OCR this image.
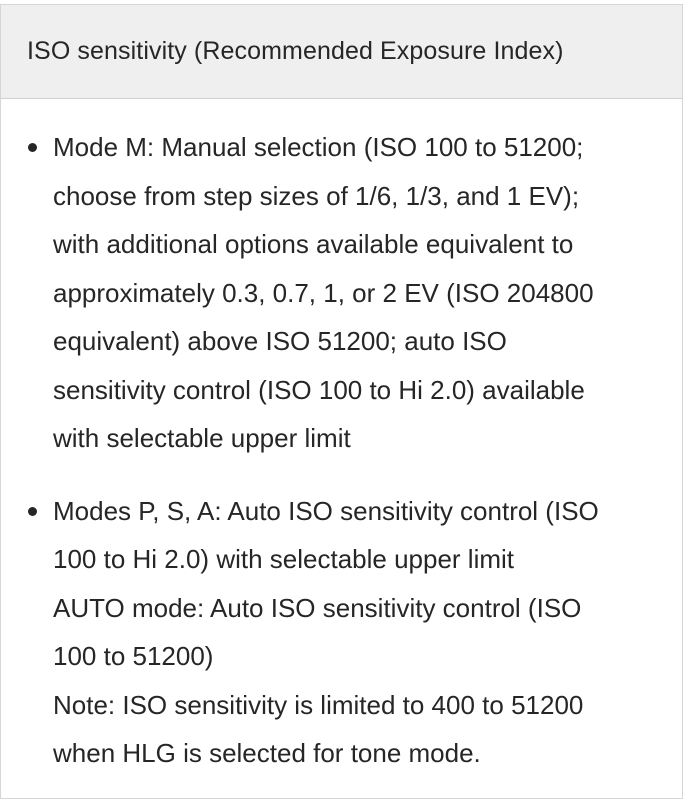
ISO sensitivity (Recommended Exposure Index)
Mode M: Manual selection (ISO 100 to 51200;
choose from step sizes of 1/6, 1/3, and 1 EV);
with additional options available equivalent to
approximately 0.3, 0.7, 1, or 2 EV (ISO 204800
equivalent) above ISO 51200; auto ISO
sensitivity control (ISO 100 to Hi 2.0) available
with selectable upper limit
Modes P, S, A: Auto ISO sensitivity control (ISO
100 to Hi 2.0) with selectable upper limit
AUTO mode: Auto ISO sensitivity control (ISO
100 to 51200)
Note: ISO sensitivity is limited to 400 to 51200
when HLG is selected for tone mode.
